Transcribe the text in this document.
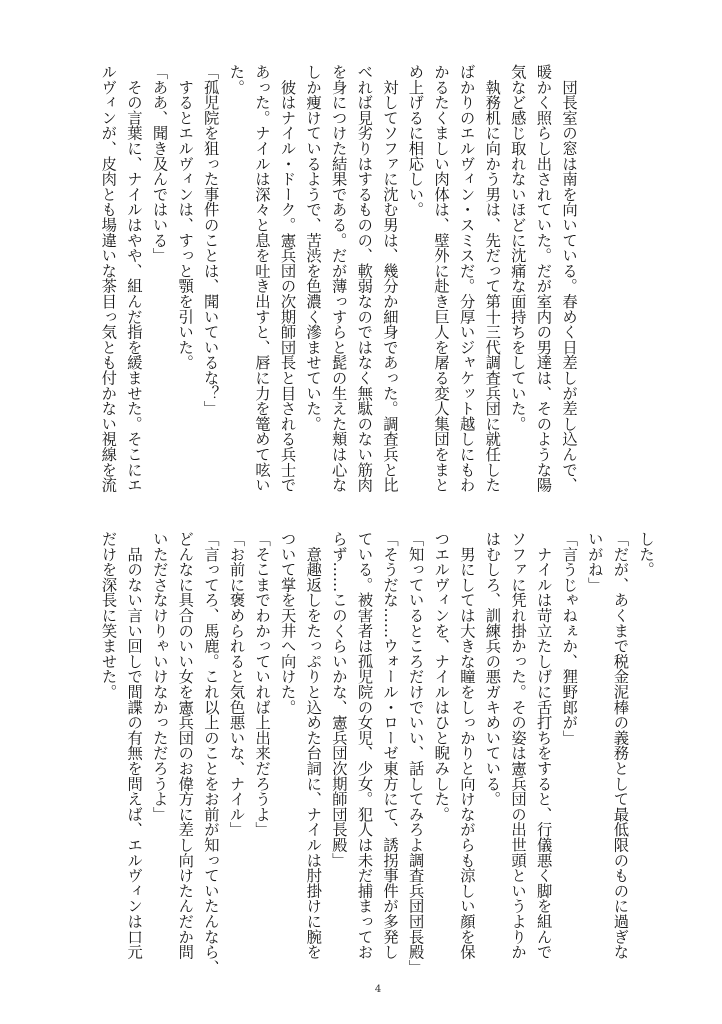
　団長室の窓は南を向いている。春めく日差しが差し込んで、
暖かく照らし出されていた。だが室内の男達は、そのような陽
気など感じ取れないほどに沈痛な面持ちをしていた。
　執務机に向かう男は、先だって第十三代調査兵団に就任した
ばかりのエルヴィン・スミスだ。分厚いジャケット越しにもわ
かるたくましい肉体は、壁外に赴き巨人を屠る変人集団をまと
め上げるに相応しい。
　対してソファに沈む男は、幾分か細身であった。調査兵と比
べれば見劣りはするものの、軟弱なのではなく無駄のない筋肉
を身につけた結果である。だが薄っすらと髭の生えた頬は心な
しか痩けているようで、苦渋を色濃く滲ませていた。
　彼はナイル・ドーク。憲兵団の次期師団長と目される兵士で
あった。ナイルは深々と息を吐き出すと、唇に力を篭めて呟い
た。
「孤児院を狙った事件のことは、聞いているな？」
　するとエルヴィンは、すっと顎を引いた。
「ああ、聞き及んではいる」
　その言葉に、ナイルはやや、組んだ指を緩ませた。そこにエ
ルヴィンが、皮肉とも場違いな茶目っ気とも付かない視線を流
した。
「だが、あくまで税金泥棒の義務として最低限のものに過ぎな
いがね」
「言うじゃねぇか、狸野郎が」
　ナイルは苛立たしげに舌打ちをすると、行儀悪く脚を組んで
ソファに凭れ掛かった。その姿は憲兵団の出世頭というよりか
はむしろ、訓練兵の悪ガキめいている。
　男にしては大きな瞳をしっかりと向けながらも涼しい顔を保
つエルヴィンを、ナイルはひと睨みした。
「知っているところだけでいい、話してみろよ調査兵団団長殿」
「そうだな……ウォール・ローゼ東方にて、誘拐事件が多発し
ている。被害者は孤児院の女児、少女。犯人は未だ捕まってお
らず……このくらいかな、憲兵団次期師団長殿」
　意趣返しをたっぷりと込めた台詞に、ナイルは肘掛けに腕を
ついて掌を天井へ向けた。
「そこまでわかっていれば上出来だろうよ」
「お前に褒められると気色悪いな、ナイル」
「言ってろ、馬鹿。これ以上のことをお前が知っていたんなら、
どんなに具合のいい女を憲兵団のお偉方に差し向けたんだか問
いたださなけりゃいけなかっただろうよ」
　品のない言い回しで間諜の有無を問えば、エルヴィンは口元
だけを深長に笑ませた。
4
